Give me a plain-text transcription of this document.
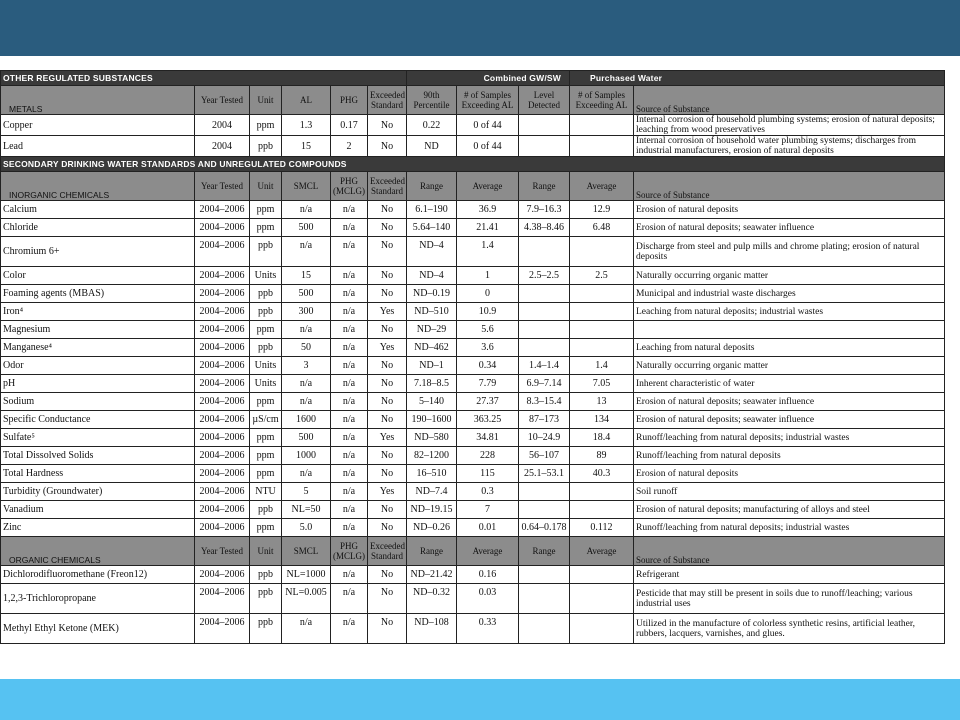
OTHER REGULATED SUBSTANCES						Combined GW/SW			Purchased Water	
METALS	Year Tested	Unit	AL	PHG	Exceeded Standard	90th Percentile	# of Samples Exceeding AL	Level Detected	# of Samples Exceeding AL	Source of Substance
Copper	2004	ppm	1.3	0.17	No	0.22	0 of 44			Internal corrosion of household plumbing systems; erosion of natural deposits; leaching from wood preservatives
Lead	2004	ppb	15	2	No	ND	0 of 44			Internal corrosion of household water plumbing systems; discharges from industrial manufacturers, erosion of natural deposits
SECONDARY DRINKING WATER STANDARDS AND UNREGULATED COMPOUNDS										
INORGANIC CHEMICALS	Year Tested	Unit	SMCL	PHG (MCLG)	Exceeded Standard	Range	Average	Range	Average	Source of Substance
Calcium	2004–2006	ppm	n/a	n/a	No	6.1–190	36.9	7.9–16.3	12.9	Erosion of natural deposits
Chloride	2004–2006	ppm	500	n/a	No	5.64–140	21.41	4.38–8.46	6.48	Erosion of natural deposits; seawater influence
Chromium 6+	2004–2006	ppb	n/a	n/a	No	ND–4	1.4			Discharge from steel and pulp mills and chrome plating; erosion of natural deposits
Color	2004–2006	Units	15	n/a	No	ND–4	1	2.5–2.5	2.5	Naturally occurring organic matter
Foaming agents (MBAS)	2004–2006	ppb	500	n/a	No	ND–0.19	0			Municipal and industrial waste discharges
Iron⁴	2004–2006	ppb	300	n/a	Yes	ND–510	10.9			Leaching from natural deposits; industrial wastes
Magnesium	2004–2006	ppm	n/a	n/a	No	ND–29	5.6			
Manganese⁴	2004–2006	ppb	50	n/a	Yes	ND–462	3.6			Leaching from natural deposits
Odor	2004–2006	Units	3	n/a	No	ND–1	0.34	1.4–1.4	1.4	Naturally occurring organic matter
pH	2004–2006	Units	n/a	n/a	No	7.18–8.5	7.79	6.9–7.14	7.05	Inherent characteristic of water
Sodium	2004–2006	ppm	n/a	n/a	No	5–140	27.37	8.3–15.4	13	Erosion of natural deposits; seawater influence
Specific Conductance	2004–2006	µS/cm	1600	n/a	No	190–1600	363.25	87–173	134	Erosion of natural deposits; seawater influence
Sulfate⁵	2004–2006	ppm	500	n/a	Yes	ND–580	34.81	10–24.9	18.4	Runoff/leaching from natural deposits; industrial wastes
Total Dissolved Solids	2004–2006	ppm	1000	n/a	No	82–1200	228	56–107	89	Runoff/leaching from natural deposits
Total Hardness	2004–2006	ppm	n/a	n/a	No	16–510	115	25.1–53.1	40.3	Erosion of natural deposits
Turbidity (Groundwater)	2004–2006	NTU	5	n/a	Yes	ND–7.4	0.3			Soil runoff
Vanadium	2004–2006	ppb	NL=50	n/a	No	ND–19.15	7			Erosion of natural deposits; manufacturing of alloys and steel
Zinc	2004–2006	ppm	5.0	n/a	No	ND–0.26	0.01	0.64–0.178	0.112	Runoff/leaching from natural deposits; industrial wastes
ORGANIC CHEMICALS	Year Tested	Unit	SMCL	PHG (MCLG)	Exceeded Standard	Range	Average	Range	Average	Source of Substance
Dichlorodifluoromethane (Freon12)	2004–2006	ppb	NL=1000	n/a	No	ND–21.42	0.16			Refrigerant
1,2,3-Trichloropropane	2004–2006	ppb	NL=0.005	n/a	No	ND–0.32	0.03			Pesticide that may still be present in soils due to runoff/leaching; various industrial uses
Methyl Ethyl Ketone (MEK)	2004–2006	ppb	n/a	n/a	No	ND–108	0.33			Utilized in the manufacture of colorless synthetic resins, artificial leather, rubbers, lacquers, varnishes, and glues.
